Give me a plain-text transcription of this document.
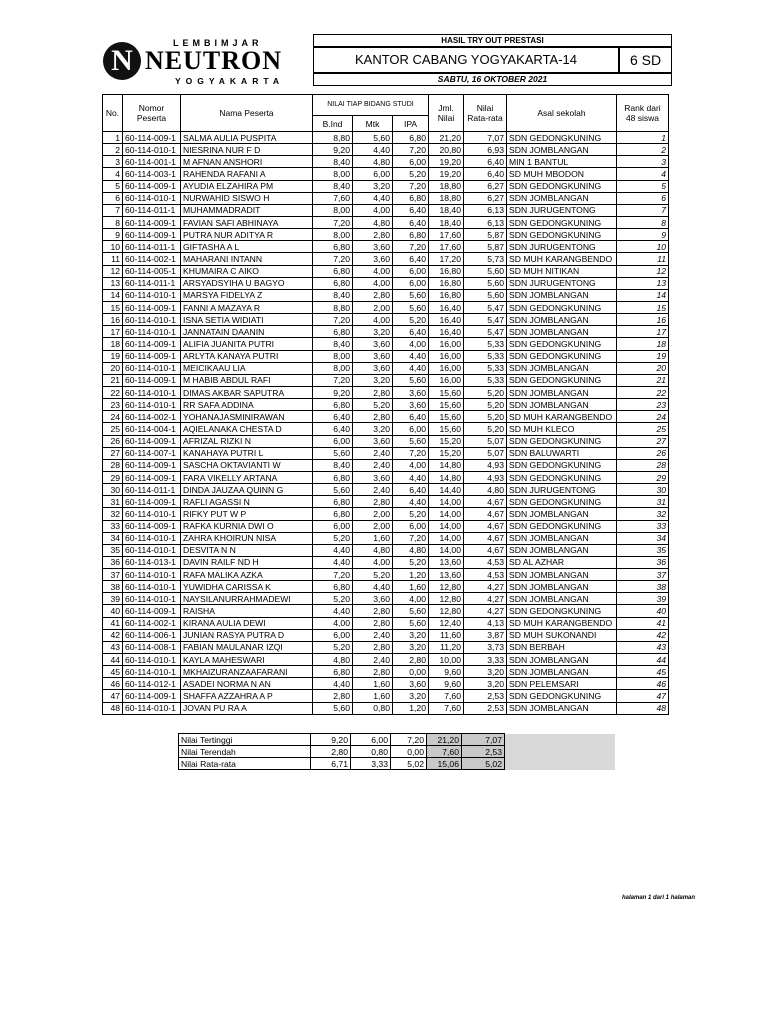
N
LEMBIMJAR
NEUTRON
YOGYAKARTA
HASIL TRY OUT PRESTASI
KANTOR CABANG YOGYAKARTA-14	6 SD
SABTU, 16 OKTOBER 2021
No.	Nomor Peserta	Nama Peserta	NILAI TIAP BIDANG STUDI			Jml. Nilai	Nilai Rata-rata	Asal sekolah	Rank dari 48 siswa
			B.Ind	Mtk	IPA				
1	60-114-009-1	SALMA AULIA PUSPITA	8,80	5,60	6,80	21,20	7,07	SDN GEDONGKUNING	1
2	60-114-010-1	NIESRINA NUR F D	9,20	4,40	7,20	20,80	6,93	SDN JOMBLANGAN	2
3	60-114-001-1	M AFNAN ANSHORI	8,40	4,80	6,00	19,20	6,40	MIN 1 BANTUL	3
4	60-114-003-1	RAHENDA RAFANI A	8,00	6,00	5,20	19,20	6,40	SD MUH MBODON	4
5	60-114-009-1	AYUDIA ELZAHIRA PM	8,40	3,20	7,20	18,80	6,27	SDN GEDONGKUNING	5
6	60-114-010-1	NURWAHID SISWO H	7,60	4,40	6,80	18,80	6,27	SDN JOMBLANGAN	6
7	60-114-011-1	MUHAMMADRADIT	8,00	4,00	6,40	18,40	6,13	SDN JURUGENTONG	7
8	60-114-009-1	FAVIAN SAFI ABHINAYA	7,20	4,80	6,40	18,40	6,13	SDN GEDONGKUNING	8
9	60-114-009-1	PUTRA NUR ADITYA R	8,00	2,80	6,80	17,60	5,87	SDN GEDONGKUNING	9
10	60-114-011-1	GIFTASHA A L	6,80	3,60	7,20	17,60	5,87	SDN JURUGENTONG	10
11	60-114-002-1	MAHARANI INTANN	7,20	3,60	6,40	17,20	5,73	SD MUH KARANGBENDO	11
12	60-114-005-1	KHUMAIRA C AIKO	6,80	4,00	6,00	16,80	5,60	SD MUH NITIKAN	12
13	60-114-011-1	ARSYADSYIHA U BAGYO	6,80	4,00	6,00	16,80	5,60	SDN JURUGENTONG	13
14	60-114-010-1	MARSYA FIDELYA Z	8,40	2,80	5,60	16,80	5,60	SDN JOMBLANGAN	14
15	60-114-009-1	FANNI A MAZAYA R	8,80	2,00	5,60	16,40	5,47	SDN GEDONGKUNING	15
16	60-114-010-1	ISNA SETIA WIDIATI	7,20	4,00	5,20	16,40	5,47	SDN JOMBLANGAN	16
17	60-114-010-1	JANNATAIN DAANIN	6,80	3,20	6,40	16,40	5,47	SDN JOMBLANGAN	17
18	60-114-009-1	ALIFIA JUANITA PUTRI	8,40	3,60	4,00	16,00	5,33	SDN GEDONGKUNING	18
19	60-114-009-1	ARLYTA KANAYA PUTRI	8,00	3,60	4,40	16,00	5,33	SDN GEDONGKUNING	19
20	60-114-010-1	MEICIKAAU LIA	8,00	3,60	4,40	16,00	5,33	SDN JOMBLANGAN	20
21	60-114-009-1	M HABIB ABDUL RAFI	7,20	3,20	5,60	16,00	5,33	SDN GEDONGKUNING	21
22	60-114-010-1	DIMAS AKBAR SAPUTRA	9,20	2,80	3,60	15,60	5,20	SDN JOMBLANGAN	22
23	60-114-010-1	RR SAFA ADDINA	6,80	5,20	3,60	15,60	5,20	SDN JOMBLANGAN	23
24	60-114-002-1	YOHANAJASMINIRAWAN	6,40	2,80	6,40	15,60	5,20	SD MUH KARANGBENDO	24
25	60-114-004-1	AQIELANAKA CHESTA D	6,40	3,20	6,00	15,60	5,20	SD MUH KLECO	25
26	60-114-009-1	AFRIZAL RIZKI N	6,00	3,60	5,60	15,20	5,07	SDN GEDONGKUNING	27
27	60-114-007-1	KANAHAYA PUTRI L	5,60	2,40	7,20	15,20	5,07	SDN BALUWARTI	26
28	60-114-009-1	SASCHA OKTAVIANTI W	8,40	2,40	4,00	14,80	4,93	SDN GEDONGKUNING	28
29	60-114-009-1	FARA VIKELLY ARTANA	6,80	3,60	4,40	14,80	4,93	SDN GEDONGKUNING	29
30	60-114-011-1	DINDA JAUZAA QUINN G	5,60	2,40	6,40	14,40	4,80	SDN JURUGENTONG	30
31	60-114-009-1	RAFLI AGASSI N	6,80	2,80	4,40	14,00	4,67	SDN GEDONGKUNING	31
32	60-114-010-1	RIFKY PUT W P	6,80	2,00	5,20	14,00	4,67	SDN JOMBLANGAN	32
33	60-114-009-1	RAFKA KURNIA DWI O	6,00	2,00	6,00	14,00	4,67	SDN GEDONGKUNING	33
34	60-114-010-1	ZAHRA KHOIRUN NISA	5,20	1,60	7,20	14,00	4,67	SDN JOMBLANGAN	34
35	60-114-010-1	DESVITA N N	4,40	4,80	4,80	14,00	4,67	SDN JOMBLANGAN	35
36	60-114-013-1	DAVIN RAILF ND H	4,40	4,00	5,20	13,60	4,53	SD AL AZHAR	36
37	60-114-010-1	RAFA MALIKA AZKA	7,20	5,20	1,20	13,60	4,53	SDN JOMBLANGAN	37
38	60-114-010-1	YUWIDHA CARISSA K	6,80	4,40	1,60	12,80	4,27	SDN JOMBLANGAN	38
39	60-114-010-1	NAYSILANURRAHMADEWI	5,20	3,60	4,00	12,80	4,27	SDN JOMBLANGAN	39
40	60-114-009-1	RAISHA	4,40	2,80	5,60	12,80	4,27	SDN GEDONGKUNING	40
41	60-114-002-1	KIRANA AULIA DEWI	4,00	2,80	5,60	12,40	4,13	SD MUH KARANGBENDO	41
42	60-114-006-1	JUNIAN RASYA PUTRA D	6,00	2,40	3,20	11,60	3,87	SD MUH SUKONANDI	42
43	60-114-008-1	FABIAN MAULANAR IZQI	5,20	2,80	3,20	11,20	3,73	SDN BERBAH	43
44	60-114-010-1	KAYLA MAHESWARI	4,80	2,40	2,80	10,00	3,33	SDN JOMBLANGAN	44
45	60-114-010-1	MKHAIZURANZAAFARANI	6,80	2,80	0,00	9,60	3,20	SDN JOMBLANGAN	45
46	60-114-012-1	ASADEI NORMA N AN	4,40	1,60	3,60	9,60	3,20	SDN PELEMSARI	46
47	60-114-009-1	SHAFFA AZZAHRA A P	2,80	1,60	3,20	7,60	2,53	SDN GEDONGKUNING	47
48	60-114-010-1	JOVAN PU RA A	5,60	0,80	1,20	7,60	2,53	SDN JOMBLANGAN	48
Nilai Tertinggi	9,20	6,00	7,20	21,20	7,07	
Nilai Terendah	2,80	0,80	0,00	7,60	2,53	
Nilai Rata-rata	6,71	3,33	5,02	15,06	5,02	
halaman 1 dari 1 halaman
